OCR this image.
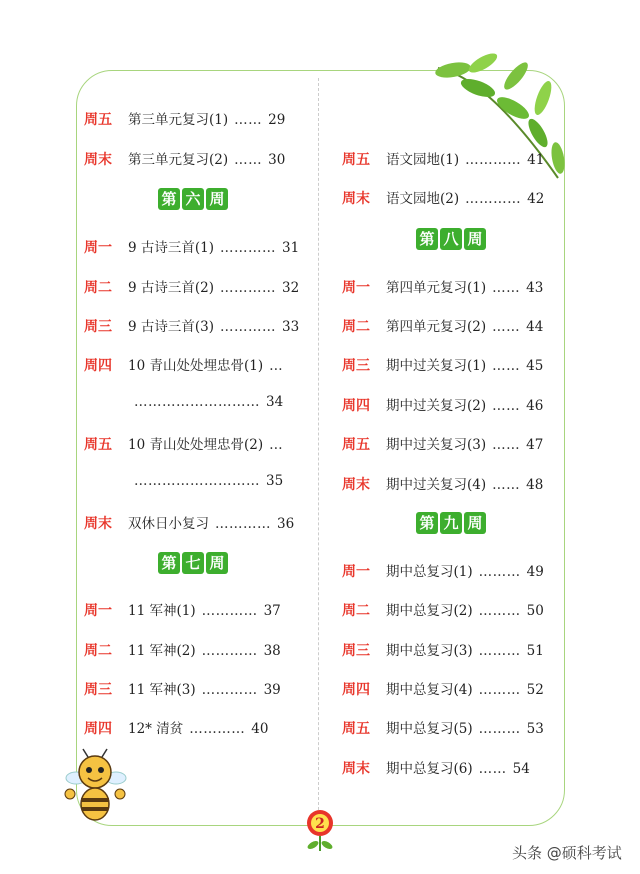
周五	第三单元复习(1) …… 29
周末	第三单元复习(2) …… 30
第 六 周
周一	9 古诗三首(1) ………… 31
周二	9 古诗三首(2) ………… 32
周三	9 古诗三首(3) ………… 33
周四	10 青山处处埋忠骨(1) …
……………………… 34
周五	10 青山处处埋忠骨(2) …
……………………… 35
周末	双休日小复习 ………… 36
第 七 周
周一	11 军神(1) ………… 37
周二	11 军神(2) ………… 38
周三	11 军神(3) ………… 39
周四	12* 清贫 ………… 40
周五	语文园地(1) ………… 41
周末	语文园地(2) ………… 42
第 八 周
周一	第四单元复习(1) …… 43
周二	第四单元复习(2) …… 44
周三	期中过关复习(1) …… 45
周四	期中过关复习(2) …… 46
周五	期中过关复习(3) …… 47
周末	期中过关复习(4) …… 48
第 九 周
周一	期中总复习(1) ……… 49
周二	期中总复习(2) ……… 50
周三	期中总复习(3) ……… 51
周四	期中总复习(4) ……… 52
周五	期中总复习(5) ……… 53
周末	期中总复习(6) …… 54
2
头条 @硕科考试
